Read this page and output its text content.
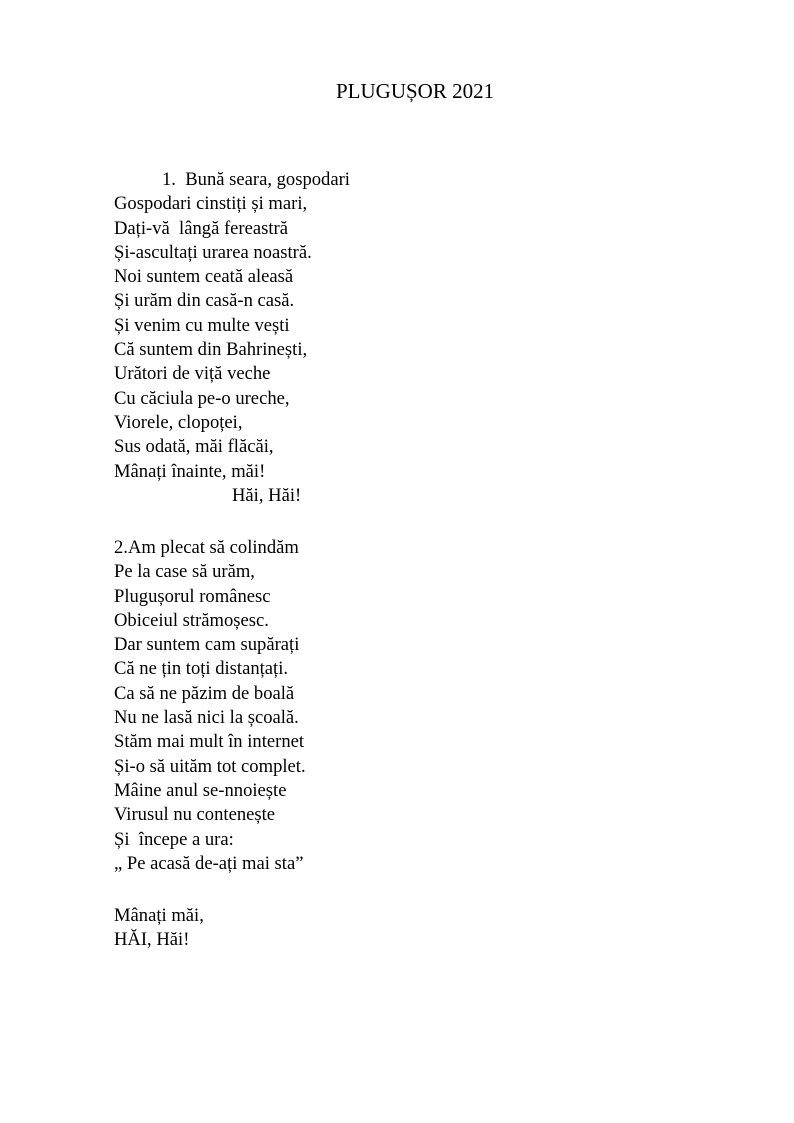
PLUGUȘOR 2021
1.  Bună seara, gospodari
Gospodari cinstiți și mari,
Dați-vă  lângă fereastră
Și-ascultați urarea noastră.
Noi suntem ceată aleasă
Și urăm din casă-n casă.
Și venim cu multe vești
Că suntem din Bahrinești,
Urători de viță veche
Cu căciula pe-o ureche,
Viorele, clopoței,
Sus odată, măi flăcăi,
Mânați înainte, măi!
Hăi, Hăi!
2.Am plecat să colindăm
Pe la case să urăm,
Plugușorul românesc
Obiceiul strămoșesc.
Dar suntem cam supărați
Că ne țin toți distanțați.
Ca să ne păzim de boală
Nu ne lasă nici la școală.
Stăm mai mult în internet
Și-o să uităm tot complet.
Mâine anul se-nnoiește
Virusul nu contenește
Și  începe a ura:
„ Pe acasă de-ați mai sta”
Mânați măi,
HĂI, Hăi!
